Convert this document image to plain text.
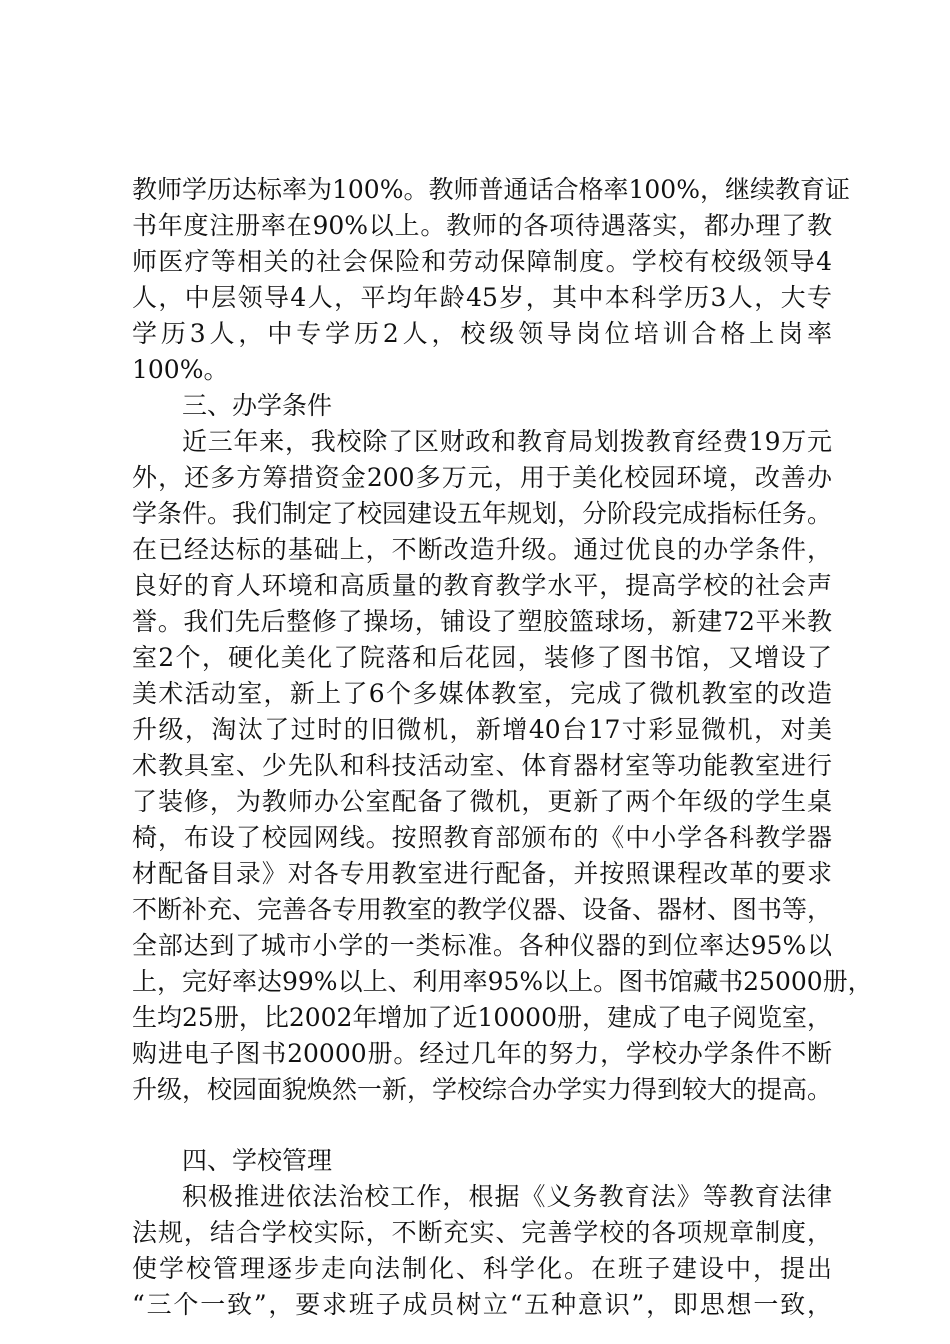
教师学历达标率为100%。教师普通话合格率100%，继续教育证
书年度注册率在90%以上。教师的各项待遇落实，都办理了教
师医疗等相关的社会保险和劳动保障制度。学校有校级领导4
人，中层领导4人，平均年龄45岁，其中本科学历3人，大专
学历3人，中专学历2人，校级领导岗位培训合格上岗率
100%。
三、办学条件
近三年来，我校除了区财政和教育局划拨教育经费19万元
外，还多方筹措资金200多万元，用于美化校园环境，改善办
学条件。我们制定了校园建设五年规划，分阶段完成指标任务。
在已经达标的基础上，不断改造升级。通过优良的办学条件，
良好的育人环境和高质量的教育教学水平，提高学校的社会声
誉。我们先后整修了操场，铺设了塑胶篮球场，新建72平米教
室2个，硬化美化了院落和后花园，装修了图书馆，又增设了
美术活动室，新上了6个多媒体教室，完成了微机教室的改造
升级，淘汰了过时的旧微机，新增40台17寸彩显微机，对美
术教具室、少先队和科技活动室、体育器材室等功能教室进行
了装修，为教师办公室配备了微机，更新了两个年级的学生桌
椅，布设了校园网线。按照教育部颁布的《中小学各科教学器
材配备目录》对各专用教室进行配备，并按照课程改革的要求
不断补充、完善各专用教室的教学仪器、设备、器材、图书等，
全部达到了城市小学的一类标准。各种仪器的到位率达95%以
上，完好率达99%以上、利用率95%以上。图书馆藏书25000册，
生均25册，比2002年增加了近10000册，建成了电子阅览室，
购进电子图书20000册。经过几年的努力，学校办学条件不断
升级，校园面貌焕然一新，学校综合办学实力得到较大的提高。
四、学校管理
积极推进依法治校工作，根据《义务教育法》等教育法律
法规，结合学校实际，不断充实、完善学校的各项规章制度，
使学校管理逐步走向法制化、科学化。在班子建设中，提出
“三个一致”，要求班子成员树立“五种意识”，即思想一致，
